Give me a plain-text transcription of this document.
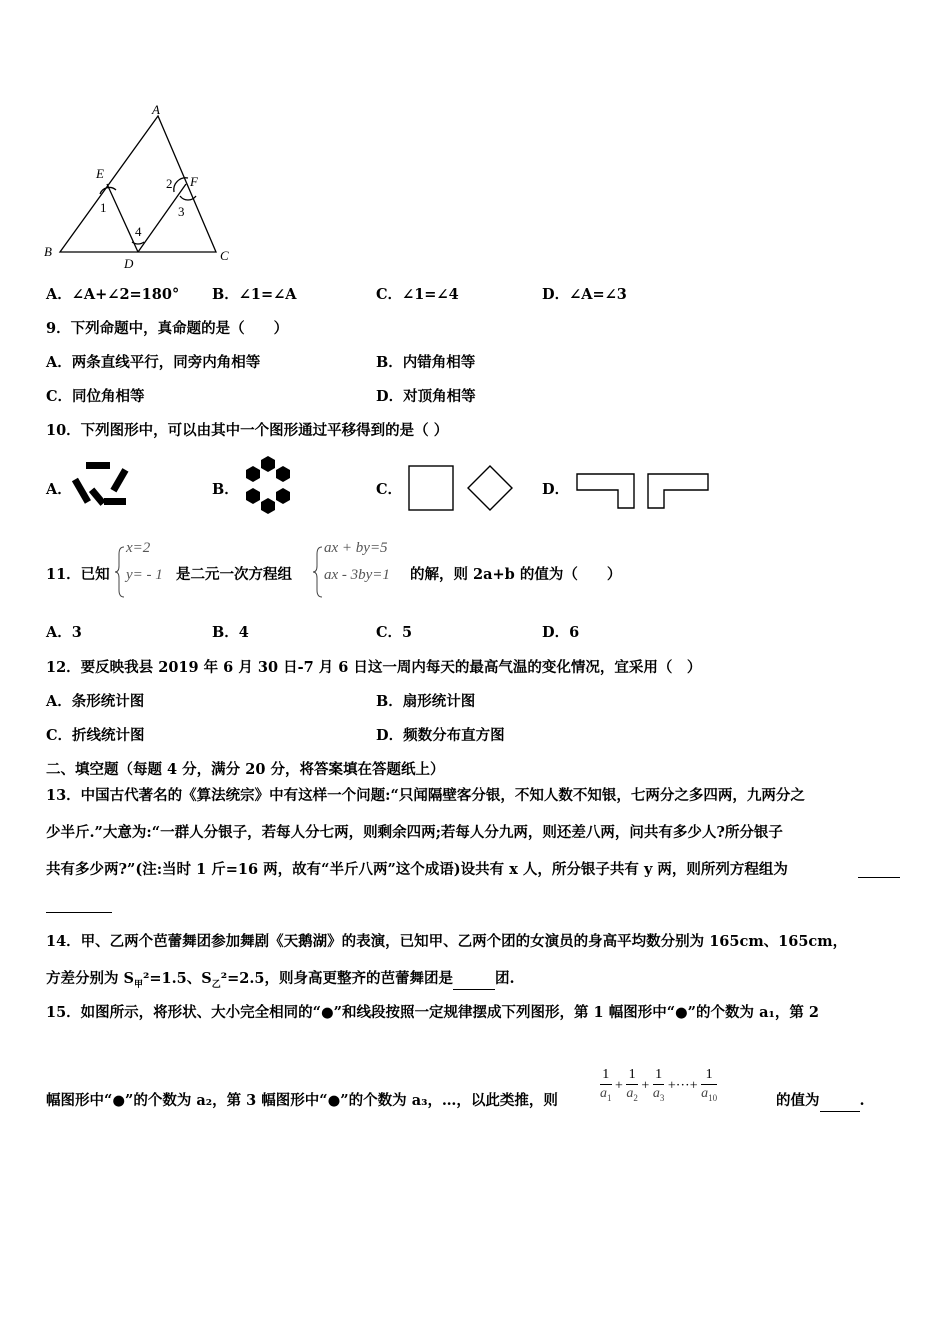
A
B	C
D
E
F
1
2
3
4
A．∠A+∠2=180° B．∠1=∠A	C．∠1=∠4	D．∠A=∠3
9．下列命题中，真命题的是（　　）
A．两条直线平行，同旁内角相等	B．内错角相等
C．同位角相等	D．对顶角相等
10．下列图形中，可以由其中一个图形通过平移得到的是（ ）
A．	B．	C．	D．
11．已知
x=2
y= - 1 是二元一次方程组
ax + by=5
ax - 3by=1 的解，则 2a+b 的值为（　　）
A．3	B．4	C．5	D．6
12．要反映我县 2019 年 6 月 30 日-7 月 6 日这一周内每天的最高气温的变化情况，宜采用（　）
A．条形统计图	B．扇形统计图
C．折线统计图	D．频数分布直方图
二、填空题（每题 4 分，满分 20 分，将答案填在答题纸上）
13．中国古代著名的《算法统宗》中有这样一个问题:“只闻隔壁客分银，不知人数不知银，七两分之多四两，九两分之
少半斤.”大意为:“一群人分银子，若每人分七两，则剩余四两;若每人分九两，则还差八两，问共有多少人?所分银子
共有多少两?”(注:当时 1 斤=16 两，故有“半斤八两”这个成语)设共有 x 人，所分银子共有 y 两，则所列方程组为
14．甲、乙两个芭蕾舞团参加舞剧《天鹅湖》的表演，已知甲、乙两个团的女演员的身高平均数分别为 165cm、165cm，
方差分别为 $S_甲^2=1.5$、$S_乙^2=2.5$，则身高更整齐的芭蕾舞团是	团.
15．如图所示，将形状、大小完全相同的“●”和线段按照一定规律摆成下列图形，第 1 幅图形中“●”的个数为 a₁，第 2
幅图形中“●”的个数为 a₂，第 3 幅图形中“●”的个数为 a₃，…，以此类推，则	$\frac{1}{a_1} + \frac{1}{a_2} + \frac{1}{a_3}$ +···+ $\frac{1}{a_{10}}$	的值为	.
